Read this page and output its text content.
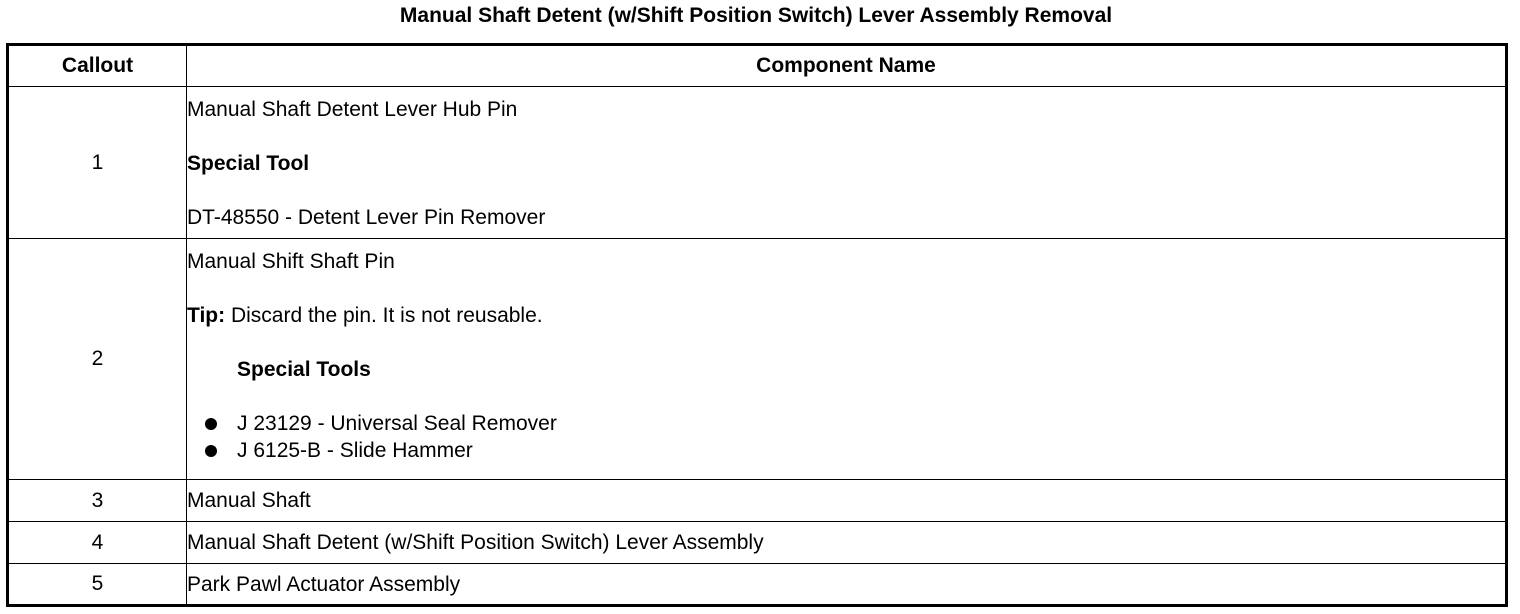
Manual Shaft Detent (w/Shift Position Switch) Lever Assembly Removal
Callout	Component Name
1	Manual Shaft Detent Lever Hub Pin
Special Tool
DT-48550 - Detent Lever Pin Remover

2	Manual Shift Shaft Pin
Tip: Discard the pin. It is not reusable.
Special Tools
J 23129 - Universal Seal Remover
J 6125-B - Slide Hammer

3	Manual Shaft

4	Manual Shaft Detent (w/Shift Position Switch) Lever Assembly

5	Park Pawl Actuator Assembly
